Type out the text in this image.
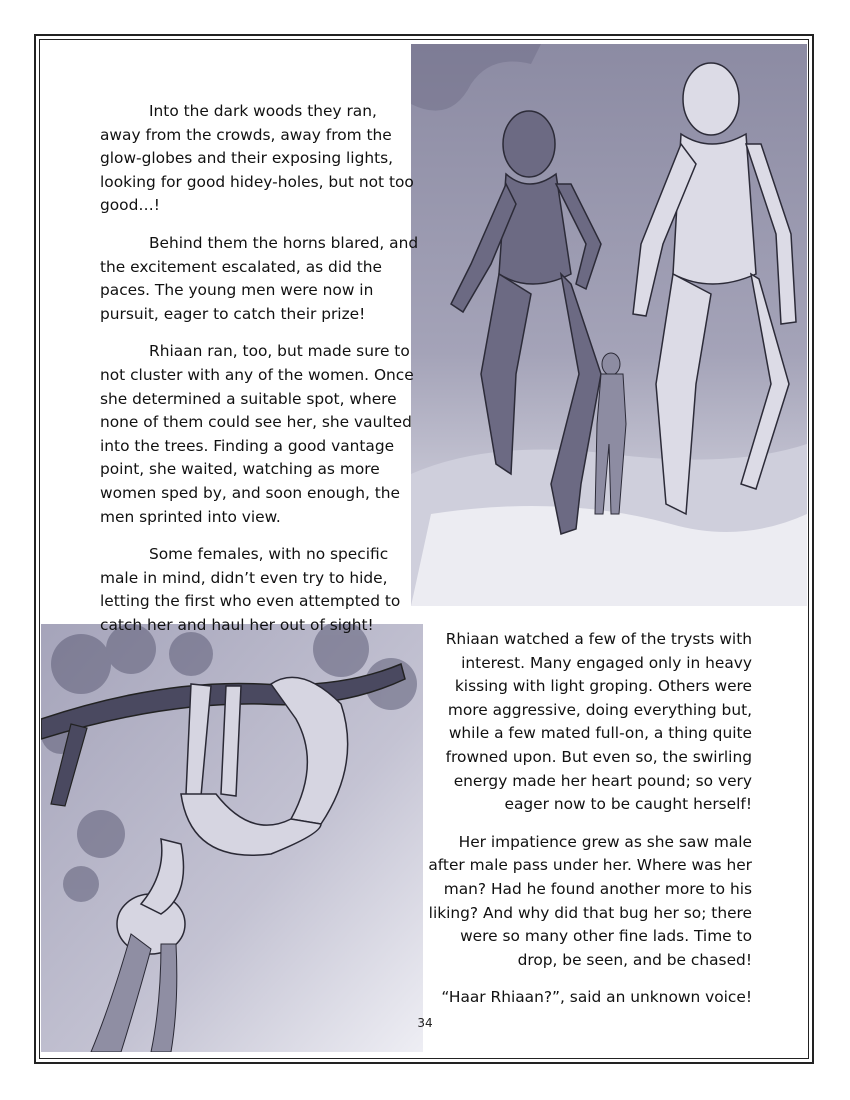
Into the dark woods they ran, away from the crowds, away from the glow-globes and their exposing lights, looking for good hidey-holes, but not too good…!

Behind them the horns blared, and the excitement escalated, as did the paces. The young men were now in pursuit, eager to catch their prize!

Rhiaan ran, too, but made sure to not cluster with any of the women. Once she determined a suitable spot, where none of them could see her, she vaulted into the trees. Finding a good vantage point, she waited, watching as more women sped by, and soon enough, the men sprinted into view.

Some females, with no specific male in mind, didn’t even try to hide, letting the first who even attempted to catch her and haul her out of sight!

Rhiaan watched a few of the trysts with interest. Many engaged only in heavy kissing with light groping. Others were more aggressive, doing everything but, while a few mated full-on, a thing quite frowned upon. But even so, the swirling energy made her heart pound; so very eager now to be caught herself!

Her impatience grew as she saw male after male pass under her. Where was her man? Had he found another more to his liking? And why did that bug her so; there were so many other fine lads. Time to drop, be seen, and be chased!

“Haar Rhiaan?”, said an unknown voice!

34
